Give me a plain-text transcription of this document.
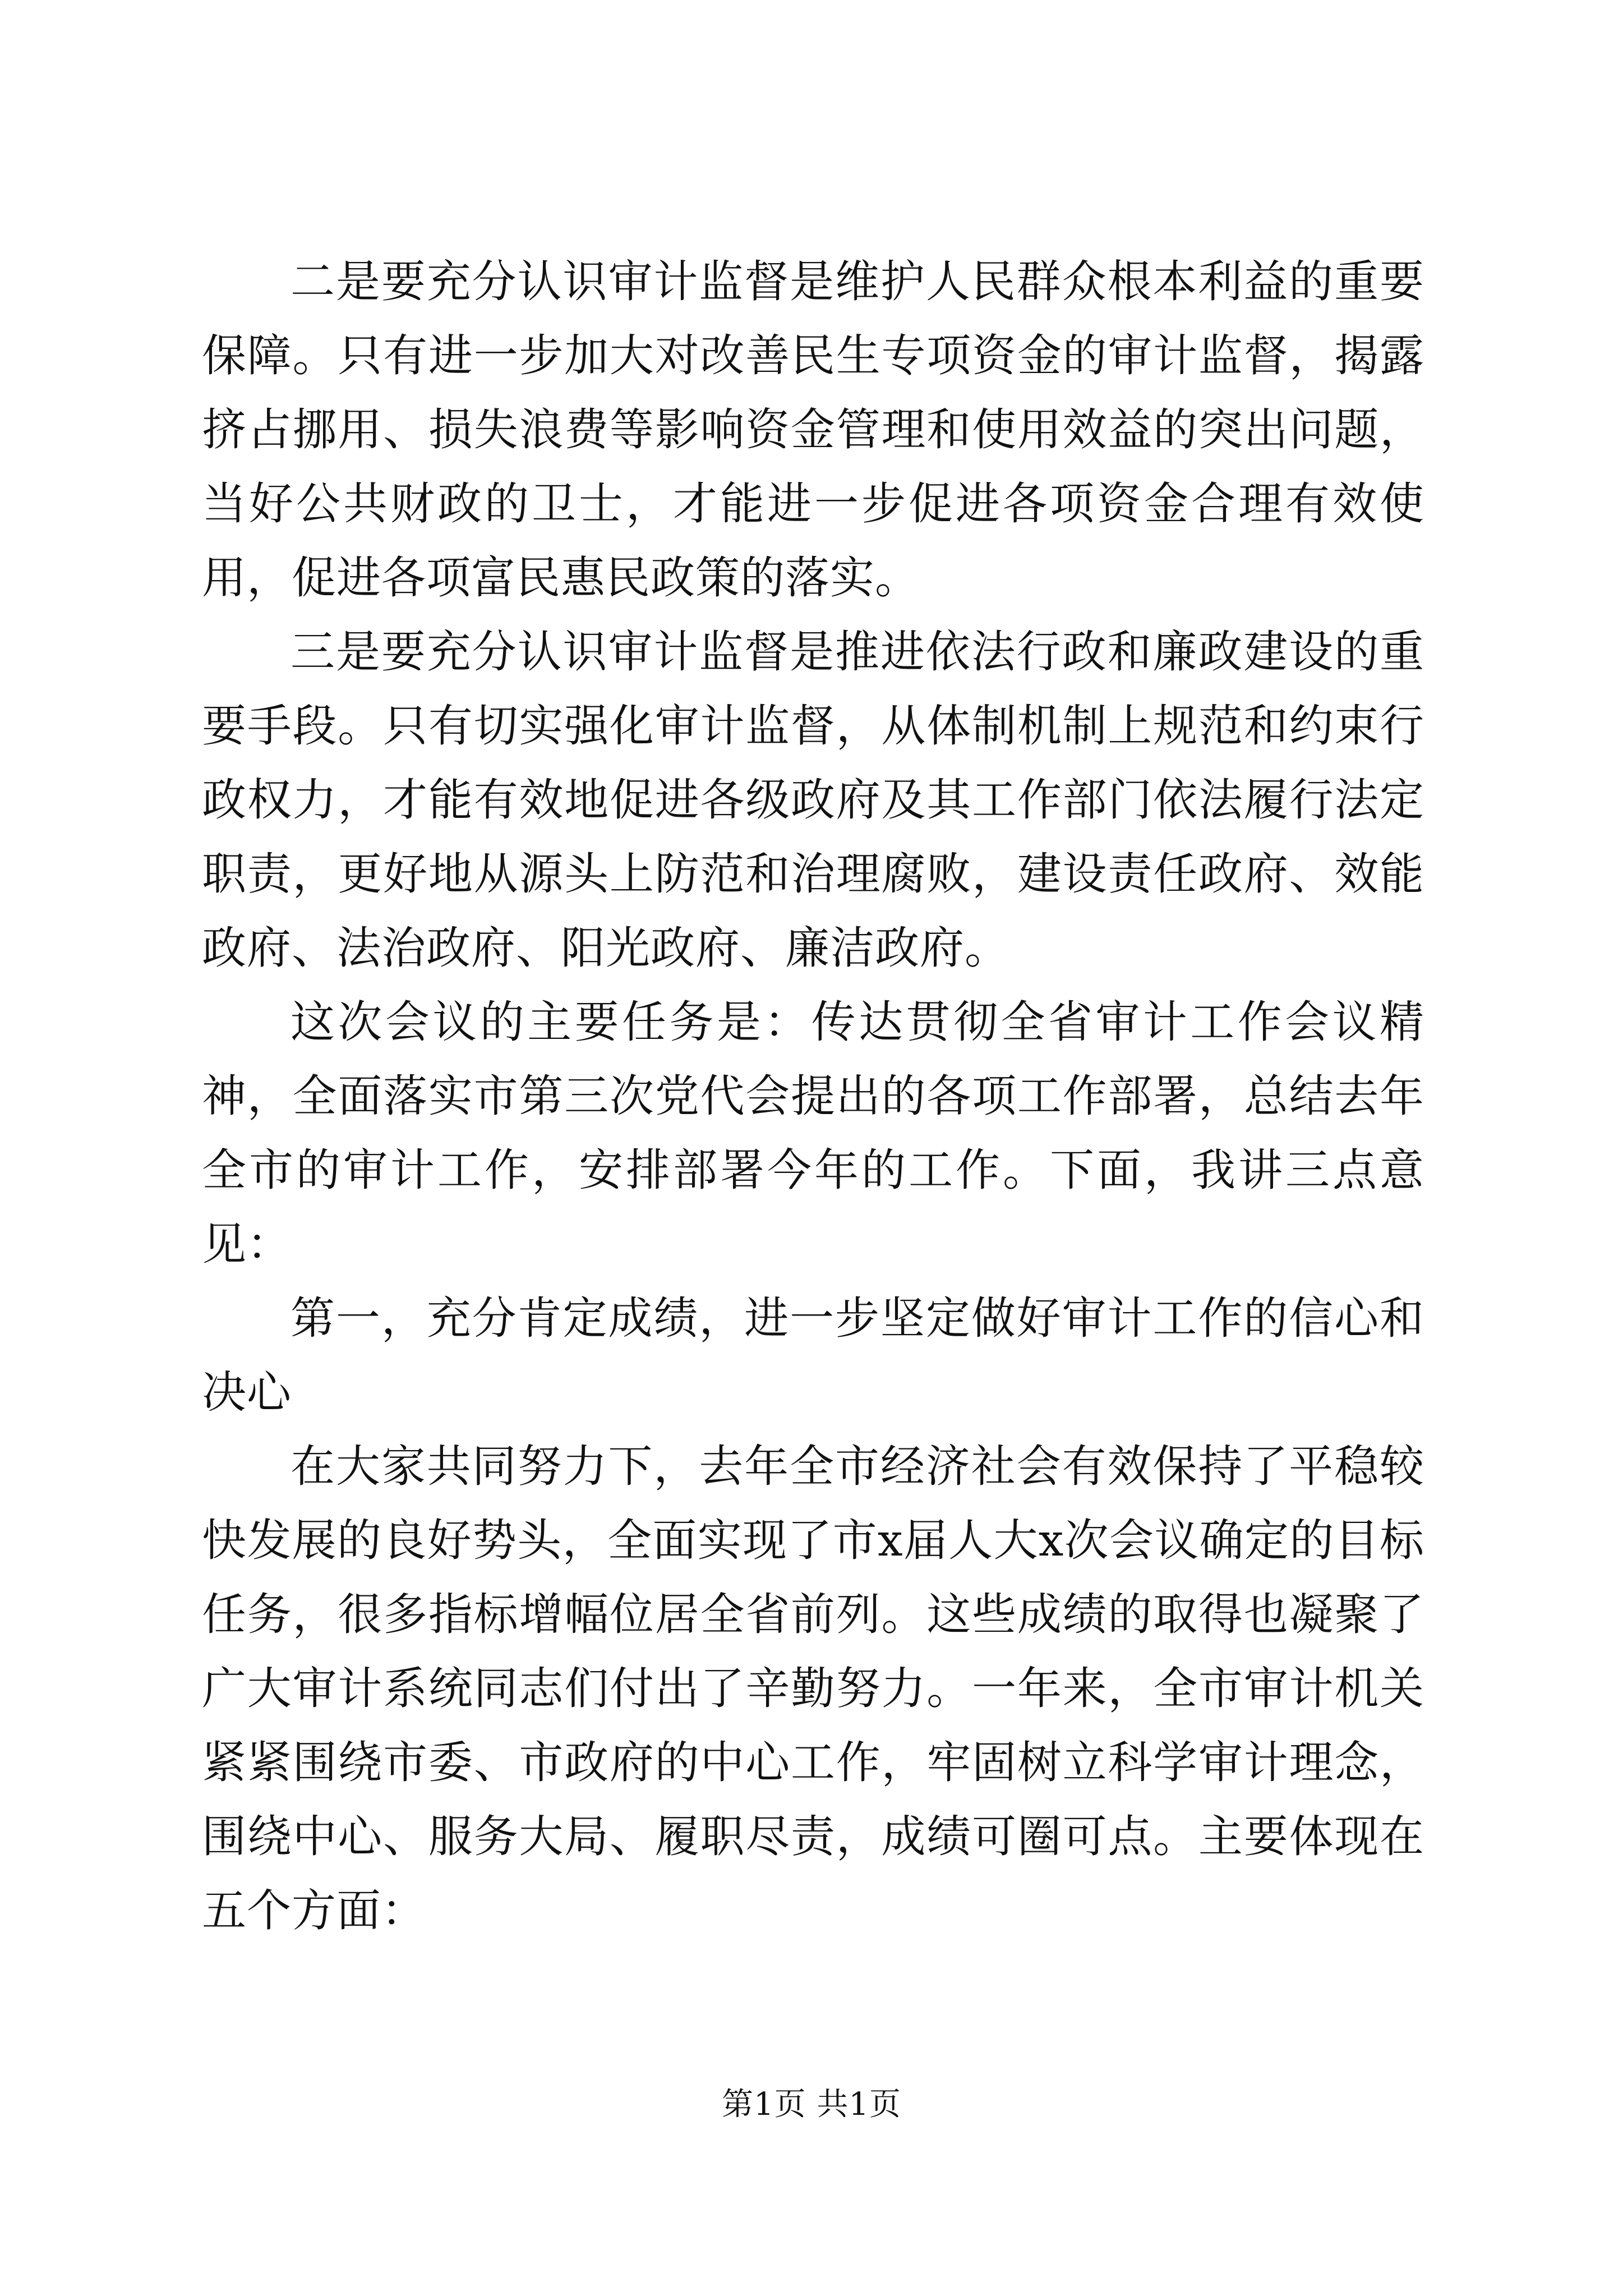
二是要充分认识审计监督是维护人民群众根本利益的重要保障。只有进一步加大对改善民生专项资金的审计监督，揭露挤占挪用、损失浪费等影响资金管理和使用效益的突出问题，当好公共财政的卫士，才能进一步促进各项资金合理有效使用，促进各项富民惠民政策的落实。

三是要充分认识审计监督是推进依法行政和廉政建设的重要手段。只有切实强化审计监督，从体制机制上规范和约束行政权力，才能有效地促进各级政府及其工作部门依法履行法定职责，更好地从源头上防范和治理腐败，建设责任政府、效能政府、法治政府、阳光政府、廉洁政府。

这次会议的主要任务是：传达贯彻全省审计工作会议精神，全面落实市第三次党代会提出的各项工作部署，总结去年全市的审计工作，安排部署今年的工作。下面，我讲三点意见：

第一，充分肯定成绩，进一步坚定做好审计工作的信心和决心

在大家共同努力下，去年全市经济社会有效保持了平稳较快发展的良好势头，全面实现了市x届人大x次会议确定的目标任务，很多指标增幅位居全省前列。这些成绩的取得也凝聚了广大审计系统同志们付出了辛勤努力。一年来，全市审计机关紧紧围绕市委、市政府的中心工作，牢固树立科学审计理念，围绕中心、服务大局、履职尽责，成绩可圈可点。主要体现在五个方面：

第1页 共1页
